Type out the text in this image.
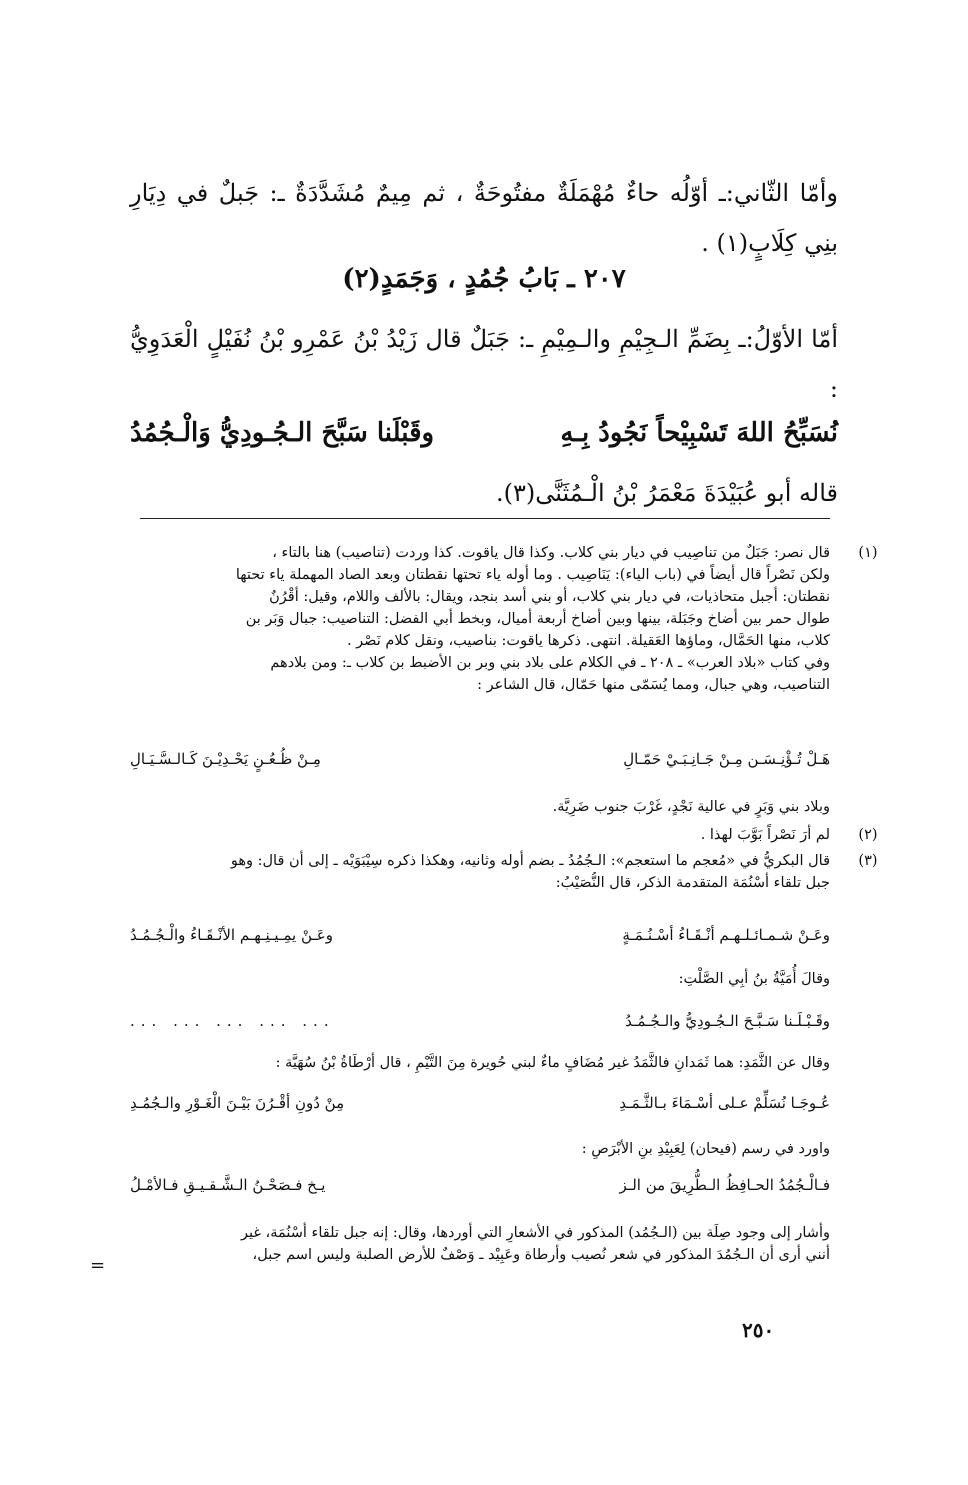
وأمّا الثّاني:ـ أوّلُه حاءٌ مُهْمَلَةٌ مفتُوحَةٌ ، ثم مِيمٌ مُشَدَّدَةٌ ـ: جَبلٌ في دِيَارِ بنِي كِلَابٍ(١) .
٢٠٧ ـ بَابُ جُمُدٍ ، وَجَمَدٍ(٢)
أمّا الأوّلُ:ـ بِضَمِّ الـجِيْمِ والـمِيْمِ ـ: جَبَلٌ قال زَيْدُ بْنُ عَمْرِو بْنُ نُفَيْلٍ الْعَدَوِيُّ :
نُسَبِّحُ اللهَ تَسْبِيْحاً نَجُودُ بِـهِ
وقَبْلَنا سَبَّحَ الـجُـودِيُّ وَالْـجُمُدُ
قاله أبو عُبَيْدَةَ مَعْمَرُ بْنُ الْـمُثَنَّى(٣).
(١)
قال نصر: جَبَلٌ من تناصِيب في ديار بني كلاب. وكذا قال ياقوت. كذا وردت (تناصيب) هنا بالتاء ،
ولكن نَصْراً قال أيضاً في (باب الياء): يَنَاصِيب . وما أوله ياء تحتها نقطتان وبعد الصاد المهملة ياء تحتها
نقطتان: أجبل متحاذيات، في ديار بني كلاب، أو بني أسد بنجد، ويقال: بالألف واللام، وقيل: أقْرُنٌ
طوال حمر بين أضاخ وجَبَلة، بينها وبين أضاخ أربعة أميال، وبخط أبي الفضل: التناصيب: جبال وَبَر بن
كلاب، منها الحَمَّال، وماؤها العَقيلة. انتهى. ذكرها ياقوت: بناصيب، ونقل كلام نَصْر .
وفي كتاب «بلاد العرب» ـ ٢٠٨ ـ في الكلام على بلاد بني وبر بن الأضبط بن كلاب ـ: ومن بلادهم
التناصيب، وهي جبال، ومما يُسَمّى منها حَمّال، قال الشاعر :
هَـلْ تُـؤْنِـسَـن مِـنْ جَـانِـبَـيْ حَمّـالِ
مِـنْ ظُـعُـنٍ يَحْـدِيْـنَ كَـالـسَّـيَـالِ
وبلاد بني وَبَرٍ في عالية نَجْدٍ، غَرْبَ جنوب ضَرِيَّة.
(٢)
لم أرَ نَصْراً بَوَّبَ لهذا .
(٣)
قال البكريُّ في «مُعجم ما استعجم»: الـجُمُدُ ـ بضم أوله وثانيه، وهكذا ذكره سِيْبَوَيْه ـ إلى أن قال: وهو
جبل تلقاء أسْنُمَة المتقدمة الذكر، قال النُّصَيْبُ:
وعَـنْ شـمـائـلـهـم أنْـقَـاءُ أسْـنُـمَـةٍ
وعَـنْ يمِـيـنِـهـم الأنْـقَـاءُ والْـجُـمُـدُ
وقالَ أُمَيَّةُ بنُ أبِي الصَّلْتِ:
وقَـبْـلَـنا سَـبَّـحَ الـجُـودِيُّ والـجُـمُـدُ
... ... ... ... ...
وقال عن الثَّمَدِ: هما ثَمَدانِ فالثَّمَدُ غير مُضَافٍ ماءٌ لبني حُويرة مِنَ التَّيْمِ ، قال أرْطَاةُ بْنُ سُهَيَّة :
عُـوجَـا نُسَلِّمْ عـلى أسْـمَاءَ بـالثَّـمَـدِ
مِنْ دُونِ أقْـرُنَ بَيْـنَ الْغَـوْرِ والـجُمُـدِ
واورد في رسم (فيحان) لِعَبِيْدِ بنِ الأبْرَصِ :
فـالْـجُمُدُ الحـافِظُ الـطُّرِيقَ من الـز
يـخ فـصَحْـنُ الـشَّـقـيـقِ فـالأمْـلُ
وأشار إلى وجود صِلَة بين (الـجُمُد) المذكور في الأشعارِ التي أوردها، وقال: إنه جبل تلقاء أسْنُمَة، غير
أنني أرى أن الـجُمُدَ المذكور في شعر نُصيب وأرطاة وعَبِيْد ـ وَصْفٌ للأرض الصلبة وليس اسم جبل،
=
٢٥٠
